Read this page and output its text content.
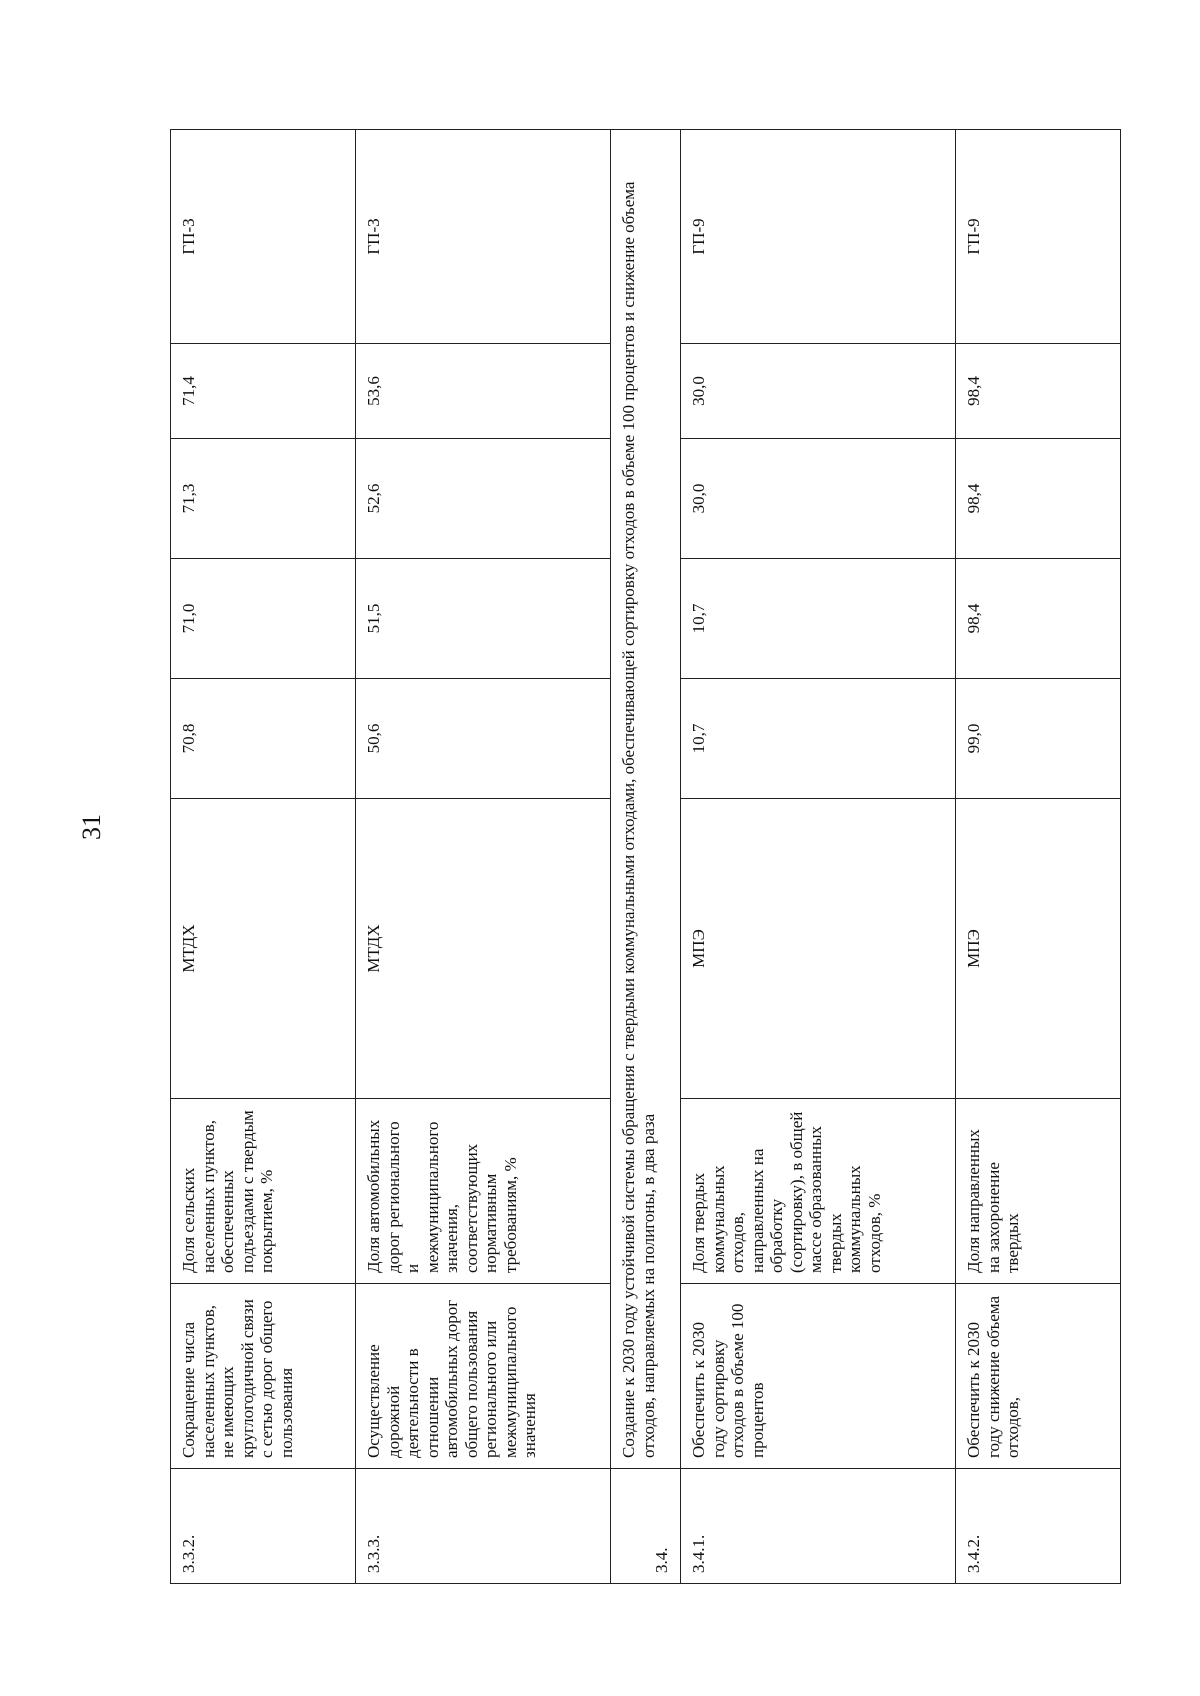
31
3.3.2.	Сокращение числа населенных пунктов, не имеющих круглогодичной связи с сетью дорог общего пользования	Доля сельских населенных пунктов, обеспеченных подъездами с твердым покрытием, %	МТДХ	70,8	71,0	71,3	71,4	ГП-3
3.3.3.	Осуществление дорожной деятельности в отношении автомобильных дорог общего пользования регионального или межмуниципального значения	Доля автомобильных дорог регионального и межмуниципального значения, соответствующих нормативным требованиям, %	МТДХ	50,6	51,5	52,6	53,6	ГП-3
3.4.	Создание к 2030 году устойчивой системы обращения с твердыми коммунальными отходами, обеспечивающей сортировку отходов в объеме 100 процентов и снижение объема отходов, направляемых на полигоны, в два раза							
3.4.1.	Обеспечить к 2030 году сортировку отходов в объеме 100 процентов	Доля твердых коммунальных отходов, направленных на обработку (сортировку), в общей массе образованных твердых коммунальных отходов, %	МПЭ	10,7	10,7	30,0	30,0	ГП-9
3.4.2.	Обеспечить к 2030 году снижение объема отходов,	Доля направленных на захоронение твердых	МПЭ	99,0	98,4	98,4	98,4	ГП-9
